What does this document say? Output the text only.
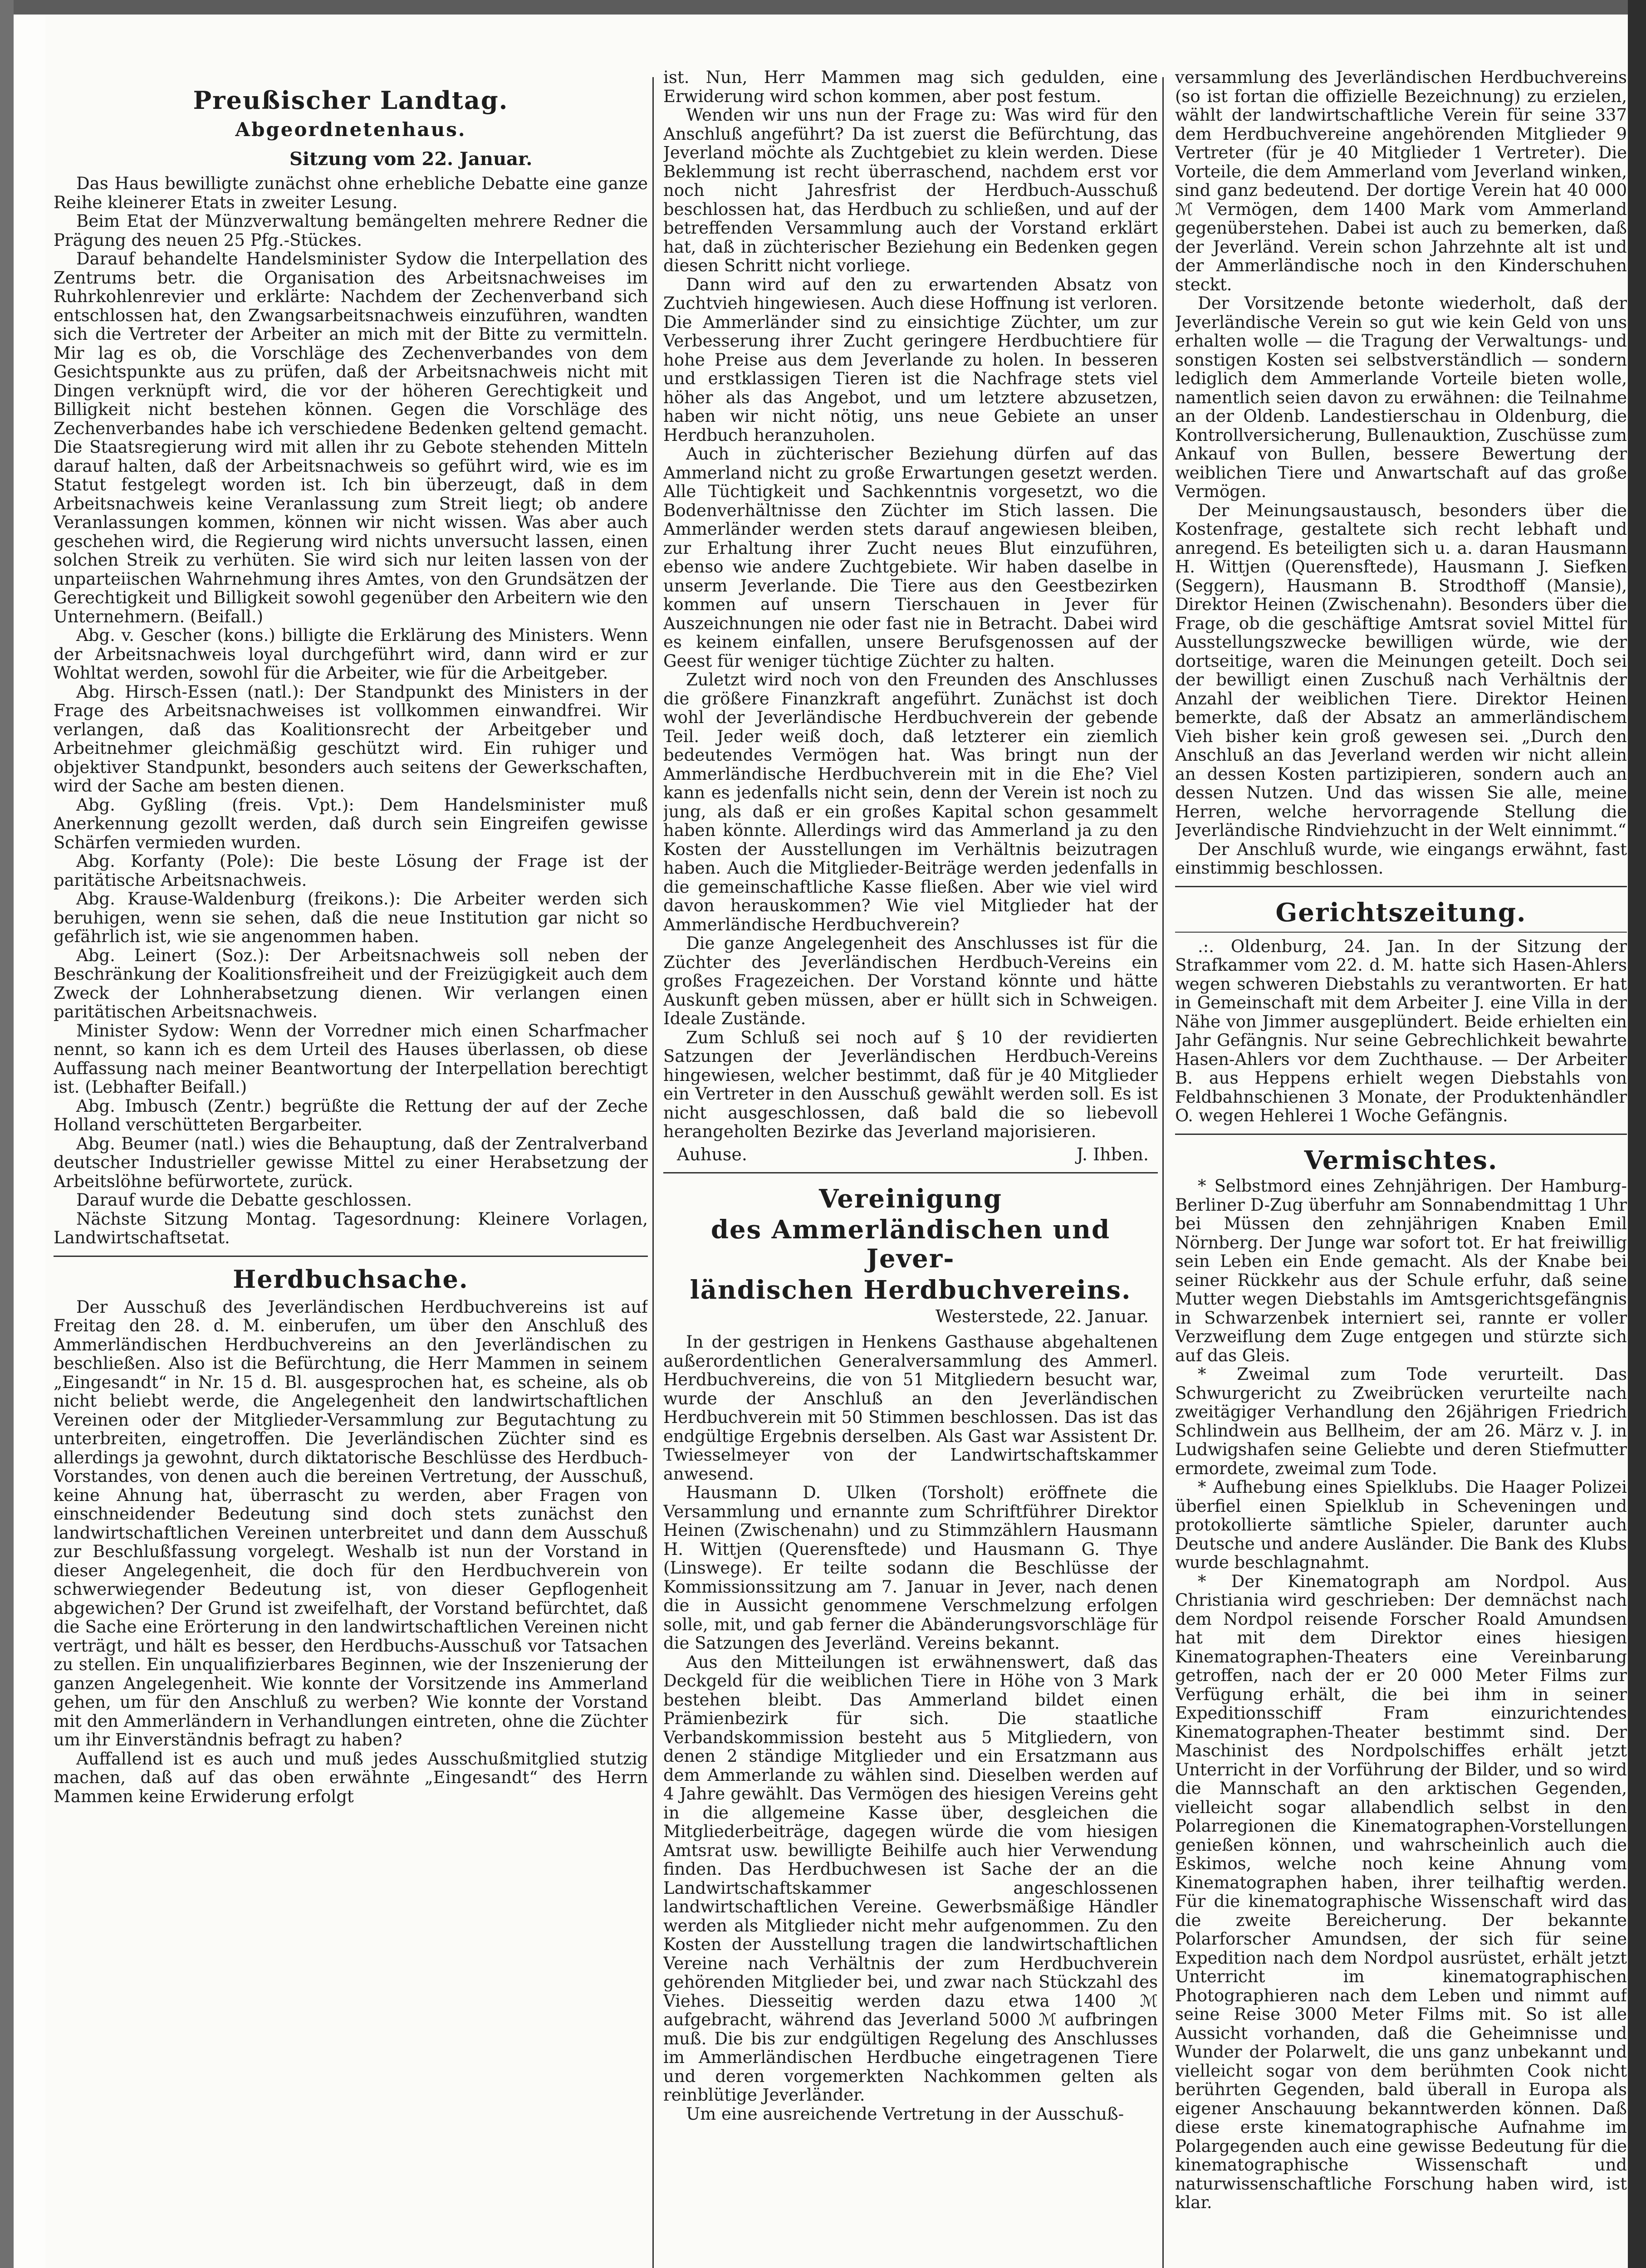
Preußischer Landtag.
Abgeordnetenhaus.
Sitzung vom 22. Januar.

Das Haus bewilligte zunächst ohne erhebliche Debatte eine ganze Reihe kleinerer Etats in zweiter Lesung.

Beim Etat der Münzverwaltung bemängelten mehrere Redner die Prägung des neuen 25 Pfg.-Stückes.

Darauf behandelte Handelsminister Sydow die Interpellation des Zentrums betr. die Organisation des Arbeitsnachweises im Ruhrkohlenrevier und erklärte: Nachdem der Zechenverband sich entschlossen hat, den Zwangsarbeitsnachweis einzuführen, wandten sich die Vertreter der Arbeiter an mich mit der Bitte zu vermitteln. Mir lag es ob, die Vorschläge des Zechenverbandes von dem Gesichtspunkte aus zu prüfen, daß der Arbeitsnachweis nicht mit Dingen verknüpft wird, die vor der höheren Gerechtigkeit und Billigkeit nicht bestehen können. Gegen die Vorschläge des Zechenverbandes habe ich verschiedene Bedenken geltend gemacht. Die Staatsregierung wird mit allen ihr zu Gebote stehenden Mitteln darauf halten, daß der Arbeitsnachweis so geführt wird, wie es im Statut festgelegt worden ist. Ich bin überzeugt, daß in dem Arbeitsnachweis keine Veranlassung zum Streit liegt; ob andere Veranlassungen kommen, können wir nicht wissen. Was aber auch geschehen wird, die Regierung wird nichts unversucht lassen, einen solchen Streik zu verhüten. Sie wird sich nur leiten lassen von der unparteiischen Wahrnehmung ihres Amtes, von den Grundsätzen der Gerechtigkeit und Billigkeit sowohl gegenüber den Arbeitern wie den Unternehmern. (Beifall.)

Abg. v. Gescher (kons.) billigte die Erklärung des Ministers. Wenn der Arbeitsnachweis loyal durchgeführt wird, dann wird er zur Wohltat werden, sowohl für die Arbeiter, wie für die Arbeitgeber.

Abg. Hirsch-Essen (natl.): Der Standpunkt des Ministers in der Frage des Arbeitsnachweises ist vollkommen einwandfrei. Wir verlangen, daß das Koalitionsrecht der Arbeitgeber und Arbeitnehmer gleichmäßig geschützt wird. Ein ruhiger und objektiver Standpunkt, besonders auch seitens der Gewerkschaften, wird der Sache am besten dienen.

Abg. Gyßling (freis. Vpt.): Dem Handelsminister muß Anerkennung gezollt werden, daß durch sein Eingreifen gewisse Schärfen vermieden wurden.

Abg. Korfanty (Pole): Die beste Lösung der Frage ist der paritätische Arbeitsnachweis.

Abg. Krause-Waldenburg (freikons.): Die Arbeiter werden sich beruhigen, wenn sie sehen, daß die neue Institution gar nicht so gefährlich ist, wie sie angenommen haben.

Abg. Leinert (Soz.): Der Arbeitsnachweis soll neben der Beschränkung der Koalitionsfreiheit und der Freizügigkeit auch dem Zweck der Lohnherabsetzung dienen. Wir verlangen einen paritätischen Arbeitsnachweis.

Minister Sydow: Wenn der Vorredner mich einen Scharfmacher nennt, so kann ich es dem Urteil des Hauses überlassen, ob diese Auffassung nach meiner Beantwortung der Interpellation berechtigt ist. (Lebhafter Beifall.)

Abg. Imbusch (Zentr.) begrüßte die Rettung der auf der Zeche Holland verschütteten Bergarbeiter.

Abg. Beumer (natl.) wies die Behauptung, daß der Zentralverband deutscher Industrieller gewisse Mittel zu einer Herabsetzung der Arbeitslöhne befürwortete, zurück.

Darauf wurde die Debatte geschlossen.

Nächste Sitzung Montag. Tagesordnung: Kleinere Vorlagen, Landwirtschaftsetat.

Herdbuchsache.

Der Ausschuß des Jeverländischen Herdbuchvereins ist auf Freitag den 28. d. M. einberufen, um über den Anschluß des Ammerländischen Herdbuchvereins an den Jeverländischen zu beschließen. Also ist die Befürchtung, die Herr Mammen in seinem „Eingesandt“ in Nr. 15 d. Bl. ausgesprochen hat, es scheine, als ob nicht beliebt werde, die Angelegenheit den landwirtschaftlichen Vereinen oder der Mitglieder-Versammlung zur Begutachtung zu unterbreiten, eingetroffen. Die Jeverländischen Züchter sind es allerdings ja gewohnt, durch diktatorische Beschlüsse des Herdbuch-Vorstandes, von denen auch die bereinen Vertretung, der Ausschuß, keine Ahnung hat, überrascht zu werden, aber Fragen von einschneidender Bedeutung sind doch stets zunächst den landwirtschaftlichen Vereinen unterbreitet und dann dem Ausschuß zur Beschlußfassung vorgelegt. Weshalb ist nun der Vorstand in dieser Angelegenheit, die doch für den Herdbuchverein von schwerwiegender Bedeutung ist, von dieser Gepflogenheit abgewichen? Der Grund ist zweifelhaft, der Vorstand befürchtet, daß die Sache eine Erörterung in den landwirtschaftlichen Vereinen nicht verträgt, und hält es besser, den Herdbuchs-Ausschuß vor Tatsachen zu stellen. Ein unqualifizierbares Beginnen, wie der Inszenierung der ganzen Angelegenheit. Wie konnte der Vorsitzende ins Ammerland gehen, um für den Anschluß zu werben? Wie konnte der Vorstand mit den Ammerländern in Verhandlungen eintreten, ohne die Züchter um ihr Einverständnis befragt zu haben?

Auffallend ist es auch und muß jedes Ausschußmitglied stutzig machen, daß auf das oben erwähnte „Eingesandt“ des Herrn Mammen keine Erwiderung erfolgt

ist. Nun, Herr Mammen mag sich gedulden, eine Erwiderung wird schon kommen, aber post festum.

Wenden wir uns nun der Frage zu: Was wird für den Anschluß angeführt? Da ist zuerst die Befürchtung, das Jeverland möchte als Zuchtgebiet zu klein werden. Diese Beklemmung ist recht überraschend, nachdem erst vor noch nicht Jahresfrist der Herdbuch-Ausschuß beschlossen hat, das Herdbuch zu schließen, und auf der betreffenden Versammlung auch der Vorstand erklärt hat, daß in züchterischer Beziehung ein Bedenken gegen diesen Schritt nicht vorliege.

Dann wird auf den zu erwartenden Absatz von Zuchtvieh hingewiesen. Auch diese Hoffnung ist verloren. Die Ammerländer sind zu einsichtige Züchter, um zur Verbesserung ihrer Zucht geringere Herdbuchtiere für hohe Preise aus dem Jeverlande zu holen. In besseren und erstklassigen Tieren ist die Nachfrage stets viel höher als das Angebot, und um letztere abzusetzen, haben wir nicht nötig, uns neue Gebiete an unser Herdbuch heranzuholen.

Auch in züchterischer Beziehung dürfen auf das Ammerland nicht zu große Erwartungen gesetzt werden. Alle Tüchtigkeit und Sachkenntnis vorgesetzt, wo die Bodenverhältnisse den Züchter im Stich lassen. Die Ammerländer werden stets darauf angewiesen bleiben, zur Erhaltung ihrer Zucht neues Blut einzuführen, ebenso wie andere Zuchtgebiete. Wir haben daselbe in unserm Jeverlande. Die Tiere aus den Geestbezirken kommen auf unsern Tierschauen in Jever für Auszeichnungen nie oder fast nie in Betracht. Dabei wird es keinem einfallen, unsere Berufsgenossen auf der Geest für weniger tüchtige Züchter zu halten.

Zuletzt wird noch von den Freunden des Anschlusses die größere Finanzkraft angeführt. Zunächst ist doch wohl der Jeverländische Herdbuchverein der gebende Teil. Jeder weiß doch, daß letzterer ein ziemlich bedeutendes Vermögen hat. Was bringt nun der Ammerländische Herdbuchverein mit in die Ehe? Viel kann es jedenfalls nicht sein, denn der Verein ist noch zu jung, als daß er ein großes Kapital schon gesammelt haben könnte. Allerdings wird das Ammerland ja zu den Kosten der Ausstellungen im Verhältnis beizutragen haben. Auch die Mitglieder-Beiträge werden jedenfalls in die gemeinschaftliche Kasse fließen. Aber wie viel wird davon herauskommen? Wie viel Mitglieder hat der Ammerländische Herdbuchverein?

Die ganze Angelegenheit des Anschlusses ist für die Züchter des Jeverländischen Herdbuch-Vereins ein großes Fragezeichen. Der Vorstand könnte und hätte Auskunft geben müssen, aber er hüllt sich in Schweigen. Ideale Zustände.

Zum Schluß sei noch auf § 10 der revidierten Satzungen der Jeverländischen Herdbuch-Vereins hingewiesen, welcher bestimmt, daß für je 40 Mitglieder ein Vertreter in den Ausschuß gewählt werden soll. Es ist nicht ausgeschlossen, daß bald die so liebevoll herangeholten Bezirke das Jeverland majorisieren.

Auhuse.	J. Ihben.
Vereinigung
des Ammerländischen und Jever-
ländischen Herdbuchvereins.
Westerstede, 22. Januar.

In der gestrigen in Henkens Gasthause abgehaltenen außerordentlichen Generalversammlung des Ammerl. Herdbuchvereins, die von 51 Mitgliedern besucht war, wurde der Anschluß an den Jeverländischen Herdbuchverein mit 50 Stimmen beschlossen. Das ist das endgültige Ergebnis derselben. Als Gast war Assistent Dr. Twiesselmeyer von der Landwirtschaftskammer anwesend.

Hausmann D. Ulken (Torsholt) eröffnete die Versammlung und ernannte zum Schriftführer Direktor Heinen (Zwischenahn) und zu Stimmzählern Hausmann H. Wittjen (Querensftede) und Hausmann G. Thye (Linswege). Er teilte sodann die Beschlüsse der Kommissionssitzung am 7. Januar in Jever, nach denen die in Aussicht genommene Verschmelzung erfolgen solle, mit, und gab ferner die Abänderungsvorschläge für die Satzungen des Jeverländ. Vereins bekannt.

Aus den Mitteilungen ist erwähnenswert, daß das Deckgeld für die weiblichen Tiere in Höhe von 3 Mark bestehen bleibt. Das Ammerland bildet einen Prämienbezirk für sich. Die staatliche Verbandskommission besteht aus 5 Mitgliedern, von denen 2 ständige Mitglieder und ein Ersatzmann aus dem Ammerlande zu wählen sind. Dieselben werden auf 4 Jahre gewählt. Das Vermögen des hiesigen Vereins geht in die allgemeine Kasse über, desgleichen die Mitgliederbeiträge, dagegen würde die vom hiesigen Amtsrat usw. bewilligte Beihilfe auch hier Verwendung finden. Das Herdbuchwesen ist Sache der an die Landwirtschaftskammer angeschlossenen landwirtschaftlichen Vereine. Gewerbsmäßige Händler werden als Mitglieder nicht mehr aufgenommen. Zu den Kosten der Ausstellung tragen die landwirtschaftlichen Vereine nach Verhältnis der zum Herdbuchverein gehörenden Mitglieder bei, und zwar nach Stückzahl des Viehes. Diesseitig werden dazu etwa 1400 ℳ aufgebracht, während das Jeverland 5000 ℳ aufbringen muß. Die bis zur endgültigen Regelung des Anschlusses im Ammerländischen Herdbuche eingetragenen Tiere und deren vorgemerkten Nachkommen gelten als reinblütige Jeverländer.

Um eine ausreichende Vertretung in der Ausschuß-

versammlung des Jeverländischen Herdbuchvereins (so ist fortan die offizielle Bezeichnung) zu erzielen, wählt der landwirtschaftliche Verein für seine 337 dem Herdbuchvereine angehörenden Mitglieder 9 Vertreter (für je 40 Mitglieder 1 Vertreter). Die Vorteile, die dem Ammerland vom Jeverland winken, sind ganz bedeutend. Der dortige Verein hat 40 000 ℳ Vermögen, dem 1400 Mark vom Ammerland gegenüberstehen. Dabei ist auch zu bemerken, daß der Jeverländ. Verein schon Jahrzehnte alt ist und der Ammerländische noch in den Kinderschuhen steckt.

Der Vorsitzende betonte wiederholt, daß der Jeverländische Verein so gut wie kein Geld von uns erhalten wolle — die Tragung der Verwaltungs- und sonstigen Kosten sei selbstverständlich — sondern lediglich dem Ammerlande Vorteile bieten wolle, namentlich seien davon zu erwähnen: die Teilnahme an der Oldenb. Landestierschau in Oldenburg, die Kontrollversicherung, Bullenauktion, Zuschüsse zum Ankauf von Bullen, bessere Bewertung der weiblichen Tiere und Anwartschaft auf das große Vermögen.

Der Meinungsaustausch, besonders über die Kostenfrage, gestaltete sich recht lebhaft und anregend. Es beteiligten sich u. a. daran Hausmann H. Wittjen (Querensftede), Hausmann J. Siefken (Seggern), Hausmann B. Strodthoff (Mansie), Direktor Heinen (Zwischenahn). Besonders über die Frage, ob die geschäftige Amtsrat soviel Mittel für Ausstellungszwecke bewilligen würde, wie der dortseitige, waren die Meinungen geteilt. Doch sei der bewilligt einen Zuschuß nach Verhältnis der Anzahl der weiblichen Tiere. Direktor Heinen bemerkte, daß der Absatz an ammerländischem Vieh bisher kein groß gewesen sei. „Durch den Anschluß an das Jeverland werden wir nicht allein an dessen Kosten partizipieren, sondern auch an dessen Nutzen. Und das wissen Sie alle, meine Herren, welche hervorragende Stellung die Jeverländische Rindviehzucht in der Welt einnimmt.“

Der Anschluß wurde, wie eingangs erwähnt, fast einstimmig beschlossen.

Gerichtszeitung.

.:. Oldenburg, 24. Jan. In der Sitzung der Strafkammer vom 22. d. M. hatte sich Hasen-Ahlers wegen schweren Diebstahls zu verantworten. Er hat in Gemeinschaft mit dem Arbeiter J. eine Villa in der Nähe von Jimmer ausgeplündert. Beide erhielten ein Jahr Gefängnis. Nur seine Gebrechlichkeit bewahrte Hasen-Ahlers vor dem Zuchthause. — Der Arbeiter B. aus Heppens erhielt wegen Diebstahls von Feldbahnschienen 3 Monate, der Produktenhändler O. wegen Hehlerei 1 Woche Gefängnis.

Vermischtes.

* Selbstmord eines Zehnjährigen. Der Hamburg-Berliner D-Zug überfuhr am Sonnabendmittag 1 Uhr bei Müssen den zehnjährigen Knaben Emil Nörnberg. Der Junge war sofort tot. Er hat freiwillig sein Leben ein Ende gemacht. Als der Knabe bei seiner Rückkehr aus der Schule erfuhr, daß seine Mutter wegen Diebstahls im Amtsgerichtsgefängnis in Schwarzenbek interniert sei, rannte er voller Verzweiflung dem Zuge entgegen und stürzte sich auf das Gleis.

* Zweimal zum Tode verurteilt. Das Schwurgericht zu Zweibrücken verurteilte nach zweitägiger Verhandlung den 26jährigen Friedrich Schlindwein aus Bellheim, der am 26. März v. J. in Ludwigshafen seine Geliebte und deren Stiefmutter ermordete, zweimal zum Tode.

* Aufhebung eines Spielklubs. Die Haager Polizei überfiel einen Spielklub in Scheveningen und protokollierte sämtliche Spieler, darunter auch Deutsche und andere Ausländer. Die Bank des Klubs wurde beschlagnahmt.

* Der Kinematograph am Nordpol. Aus Christiania wird geschrieben: Der demnächst nach dem Nordpol reisende Forscher Roald Amundsen hat mit dem Direktor eines hiesigen Kinematographen-Theaters eine Vereinbarung getroffen, nach der er 20 000 Meter Films zur Verfügung erhält, die bei ihm in seiner Expeditionsschiff Fram einzurichtendes Kinematographen-Theater bestimmt sind. Der Maschinist des Nordpolschiffes erhält jetzt Unterricht in der Vorführung der Bilder, und so wird die Mannschaft an den arktischen Gegenden, vielleicht sogar allabendlich selbst in den Polarregionen die Kinematographen-Vorstellungen genießen können, und wahrscheinlich auch die Eskimos, welche noch keine Ahnung vom Kinematographen haben, ihrer teilhaftig werden. Für die kinematographische Wissenschaft wird das die zweite Bereicherung. Der bekannte Polarforscher Amundsen, der sich für seine Expedition nach dem Nordpol ausrüstet, erhält jetzt Unterricht im kinematographischen Photographieren nach dem Leben und nimmt auf seine Reise 3000 Meter Films mit. So ist alle Aussicht vorhanden, daß die Geheimnisse und Wunder der Polarwelt, die uns ganz unbekannt und vielleicht sogar von dem berühmten Cook nicht berührten Gegenden, bald überall in Europa als eigener Anschauung bekanntwerden können. Daß diese erste kinematographische Aufnahme im Polargegenden auch eine gewisse Bedeutung für die kinematographische Wissenschaft und naturwissenschaftliche Forschung haben wird, ist klar.
